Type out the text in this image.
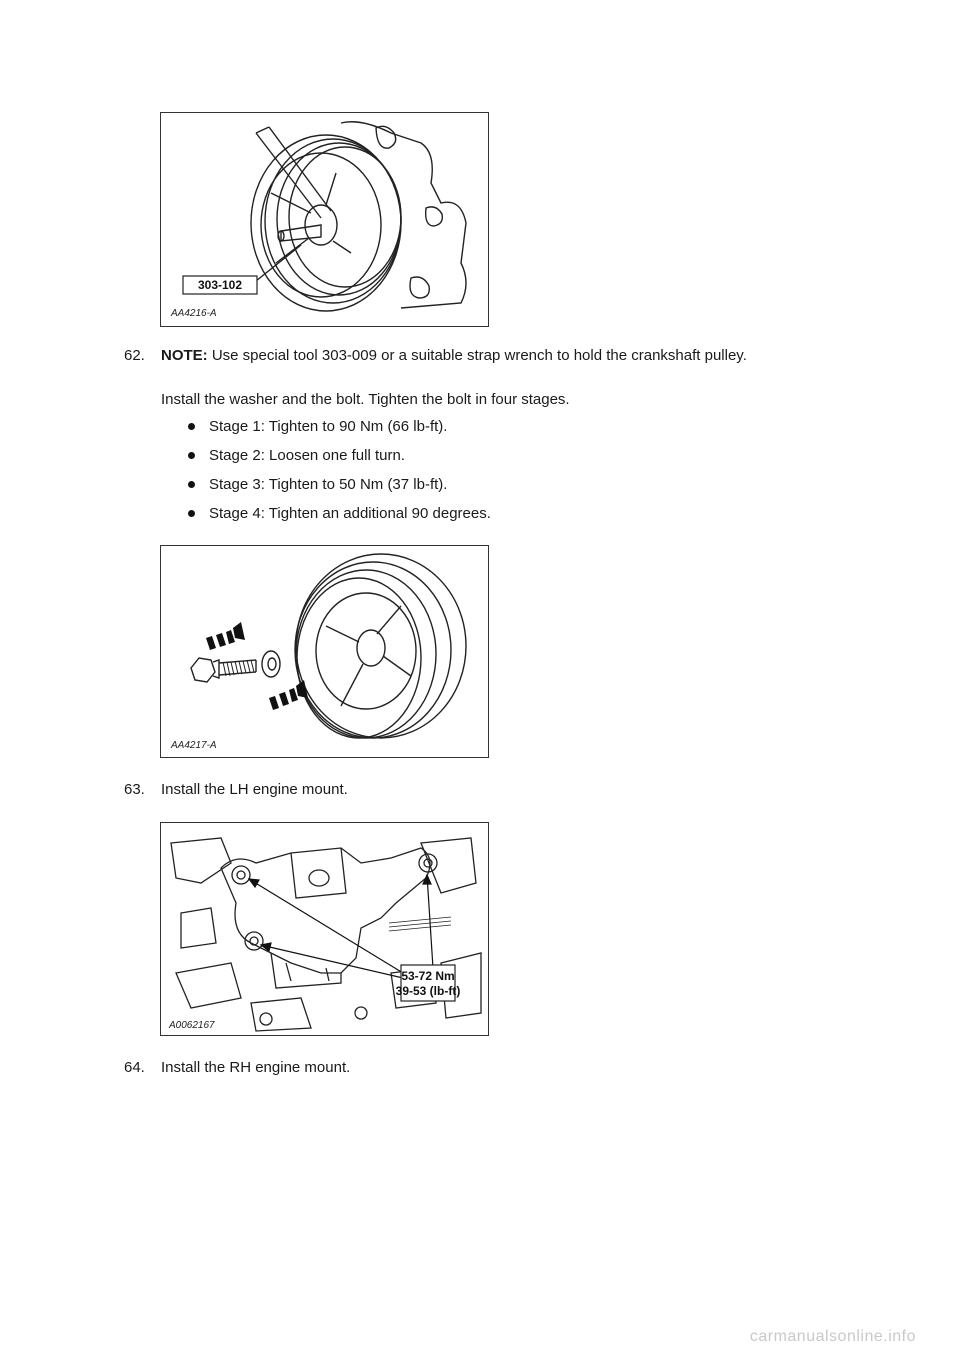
303-102
AA4216-A
62. NOTE: Use special tool 303-009 or a suitable strap wrench to hold the crankshaft pulley.
Install the washer and the bolt. Tighten the bolt in four stages.
Stage 1: Tighten to 90 Nm (66 lb-ft).
Stage 2: Loosen one full turn.
Stage 3: Tighten to 50 Nm (37 lb-ft).
Stage 4: Tighten an additional 90 degrees.
AA4217-A
63. Install the LH engine mount.
53-72 Nm
39-53 (lb-ft)
A0062167
64. Install the RH engine mount.
carmanualsonline.info
